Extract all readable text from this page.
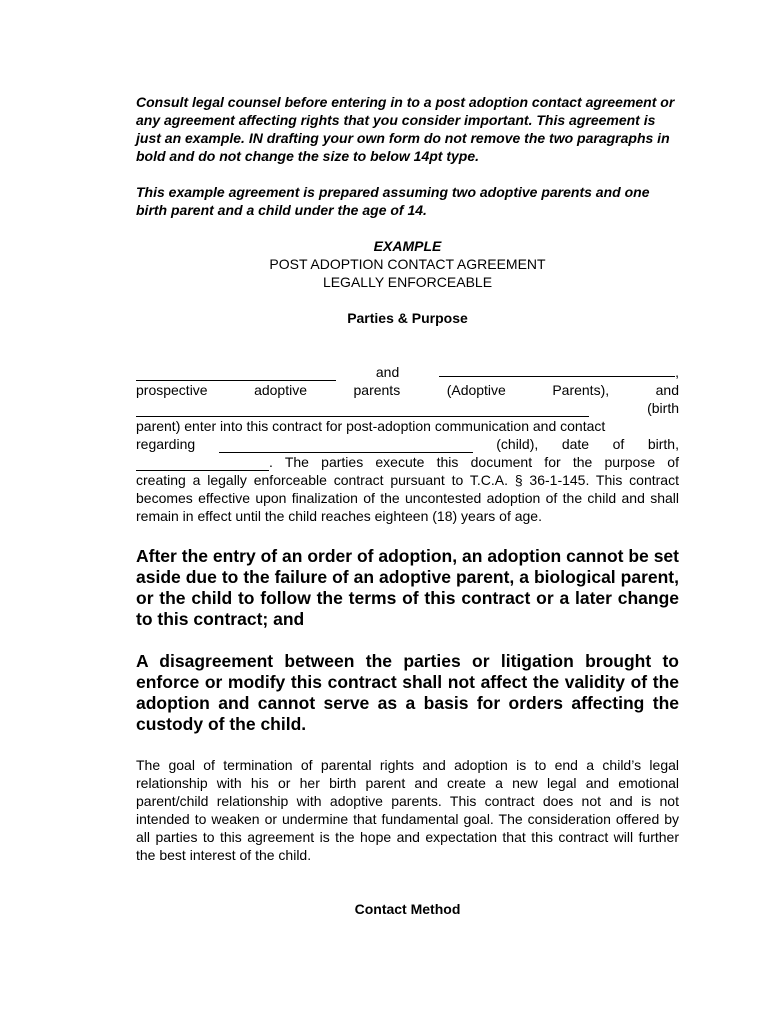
Consult legal counsel before entering in to a post adoption contact agreement or any agreement affecting rights that you consider important. This agreement is just an example. IN drafting your own form do not remove the two paragraphs in bold and do not change the size to below 14pt type.

This example agreement is prepared assuming two adoptive parents and one birth parent and a child under the age of 14.

EXAMPLE

POST ADOPTION CONTACT AGREEMENT

LEGALLY ENFORCEABLE

Parties & Purpose

and	,
prospective	adoptive	parents	(Adoptive	Parents),	and
(birth
parent) enter into this contract for post-adoption communication and contact
regarding	(child), date of birth,
. The parties execute this document for the purpose of

creating a legally enforceable contract pursuant to T.C.A. § 36-1-145. This contract becomes effective upon finalization of the uncontested adoption of the child and shall remain in effect until the child reaches eighteen (18) years of age.

After the entry of an order of adoption, an adoption cannot be set aside due to the failure of an adoptive parent, a biological parent, or the child to follow the terms of this contract or a later change to this contract; and

A disagreement between the parties or litigation brought to enforce or modify this contract shall not affect the validity of the adoption and cannot serve as a basis for orders affecting the custody of the child.

The goal of termination of parental rights and adoption is to end a child’s legal relationship with his or her birth parent and create a new legal and emotional parent/child relationship with adoptive parents. This contract does not and is not intended to weaken or undermine that fundamental goal. The consideration offered by all parties to this agreement is the hope and expectation that this contract will further the best interest of the child.

Contact Method
